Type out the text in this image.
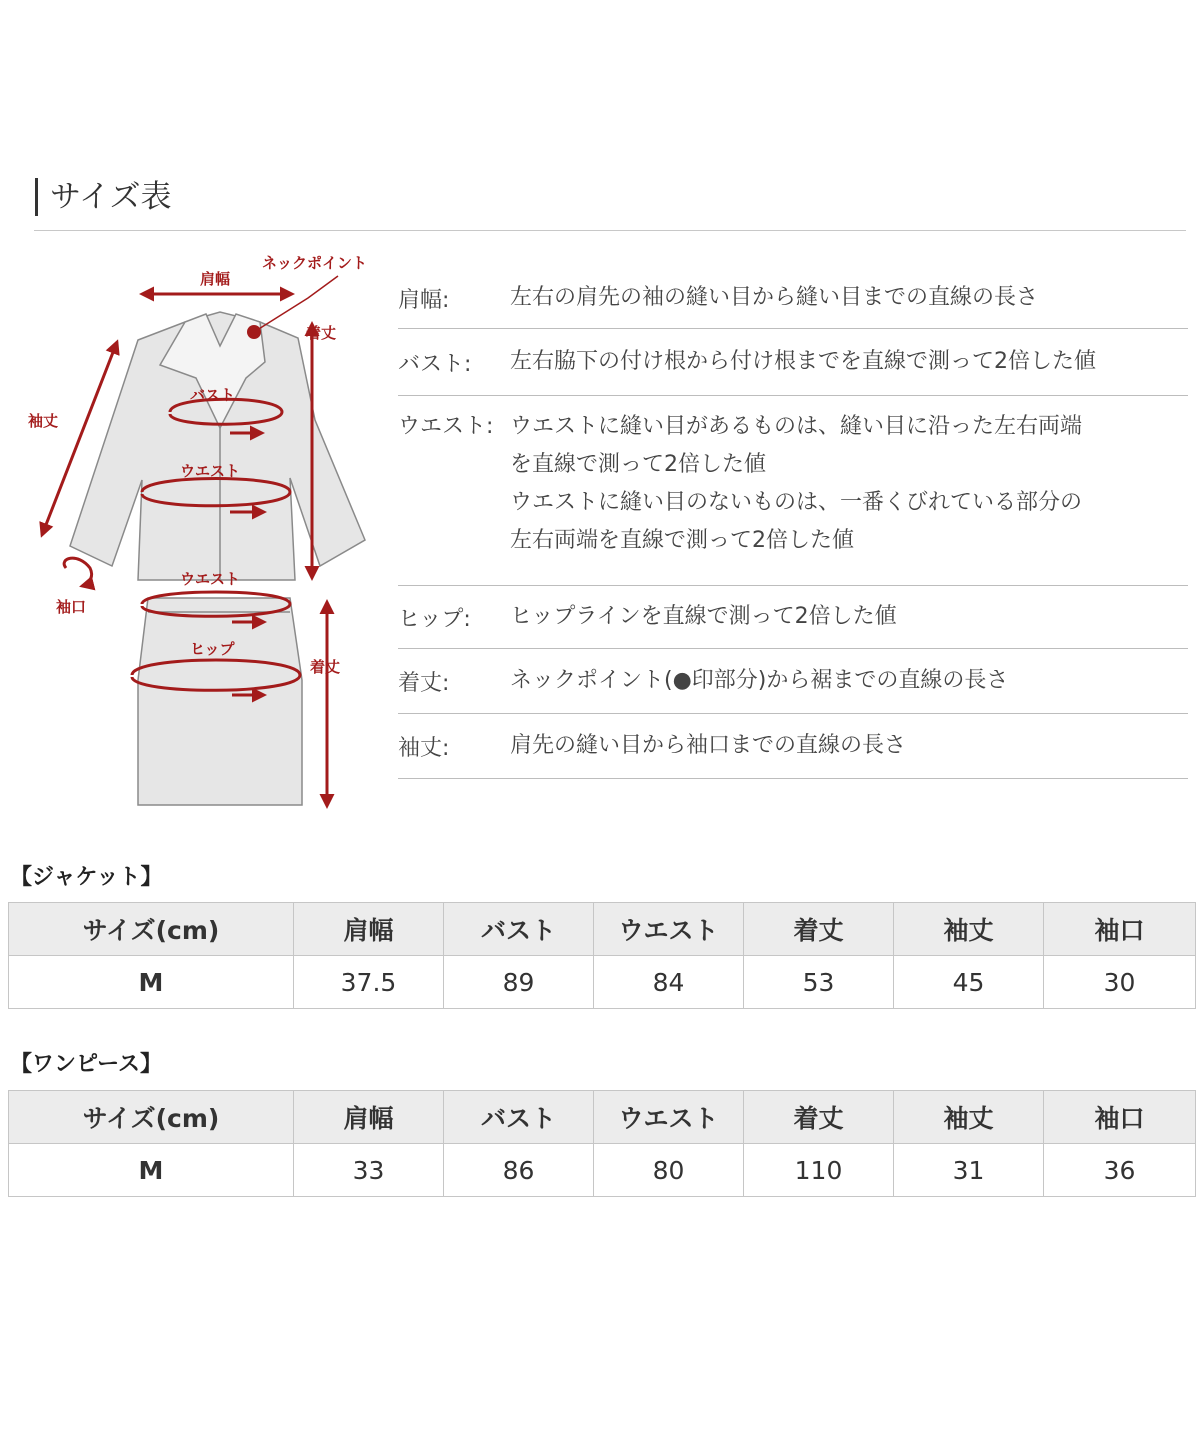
サイズ表
肩幅
ネックポイント
着丈
バスト
袖丈
ウエスト
袖口
ウエスト
ヒップ
着丈
肩幅:	左右の肩先の袖の縫い目から縫い目までの直線の長さ
バスト:	左右脇下の付け根から付け根までを直線で測って2倍した値
ウエスト: ウエストに縫い目があるものは、縫い目に沿った左右両端
を直線で測って2倍した値
ウエストに縫い目のないものは、一番くびれている部分の
左右両端を直線で測って2倍した値
ヒップ:	ヒップラインを直線で測って2倍した値
着丈:	ネックポイント(●印部分)から裾までの直線の長さ
袖丈:	肩先の縫い目から袖口までの直線の長さ
【ジャケット】
サイズ(cm)	肩幅	バスト	ウエスト	着丈	袖丈	袖口
M	37.5	89	84	53	45	30
【ワンピース】
サイズ(cm)	肩幅	バスト	ウエスト	着丈	袖丈	袖口
M	33	86	80	110	31	36
